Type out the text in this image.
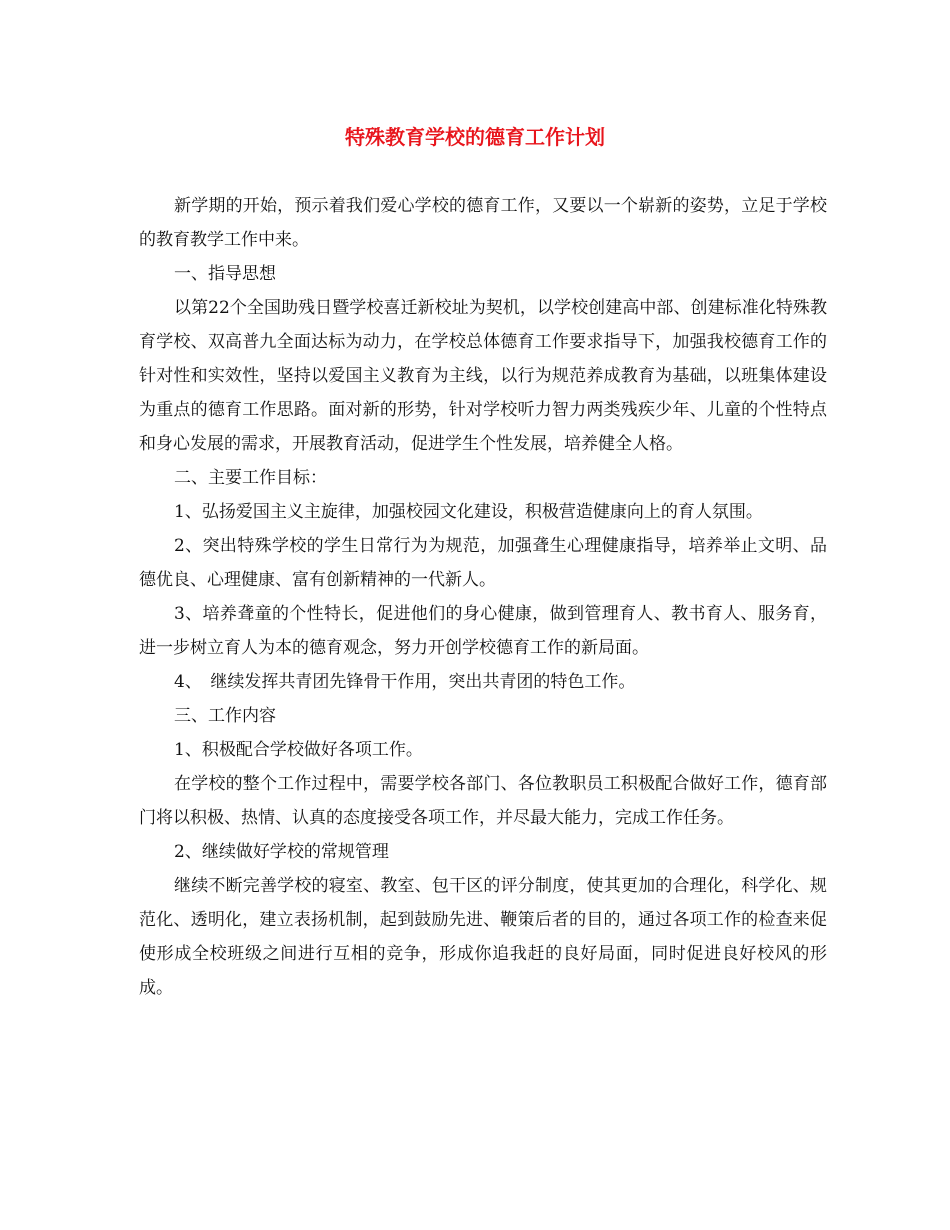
特殊教育学校的德育工作计划

新学期的开始，预示着我们爱心学校的德育工作，又要以一个崭新的姿势，立足于学校的教育教学工作中来。

一、指导思想

以第22个全国助残日暨学校喜迁新校址为契机，以学校创建高中部、创建标准化特殊教育学校、双高普九全面达标为动力，在学校总体德育工作要求指导下，加强我校德育工作的针对性和实效性，坚持以爱国主义教育为主线，以行为规范养成教育为基础，以班集体建设为重点的德育工作思路。面对新的形势，针对学校听力智力两类残疾少年、儿童的个性特点和身心发展的需求，开展教育活动，促进学生个性发展，培养健全人格。

二、主要工作目标：

1、弘扬爱国主义主旋律，加强校园文化建设，积极营造健康向上的育人氛围。

2、突出特殊学校的学生日常行为为规范，加强聋生心理健康指导，培养举止文明、品德优良、心理健康、富有创新精神的一代新人。

3、培养聋童的个性特长，促进他们的身心健康，做到管理育人、教书育人、服务育，进一步树立育人为本的德育观念，努力开创学校德育工作的新局面。

4、　继续发挥共青团先锋骨干作用，突出共青团的特色工作。

三、工作内容

1、积极配合学校做好各项工作。

在学校的整个工作过程中，需要学校各部门、各位教职员工积极配合做好工作，德育部门将以积极、热情、认真的态度接受各项工作，并尽最大能力，完成工作任务。

2、继续做好学校的常规管理

继续不断完善学校的寝室、教室、包干区的评分制度，使其更加的合理化，科学化、规范化、透明化，建立表扬机制，起到鼓励先进、鞭策后者的目的，通过各项工作的检查来促使形成全校班级之间进行互相的竞争，形成你追我赶的良好局面，同时促进良好校风的形成。
